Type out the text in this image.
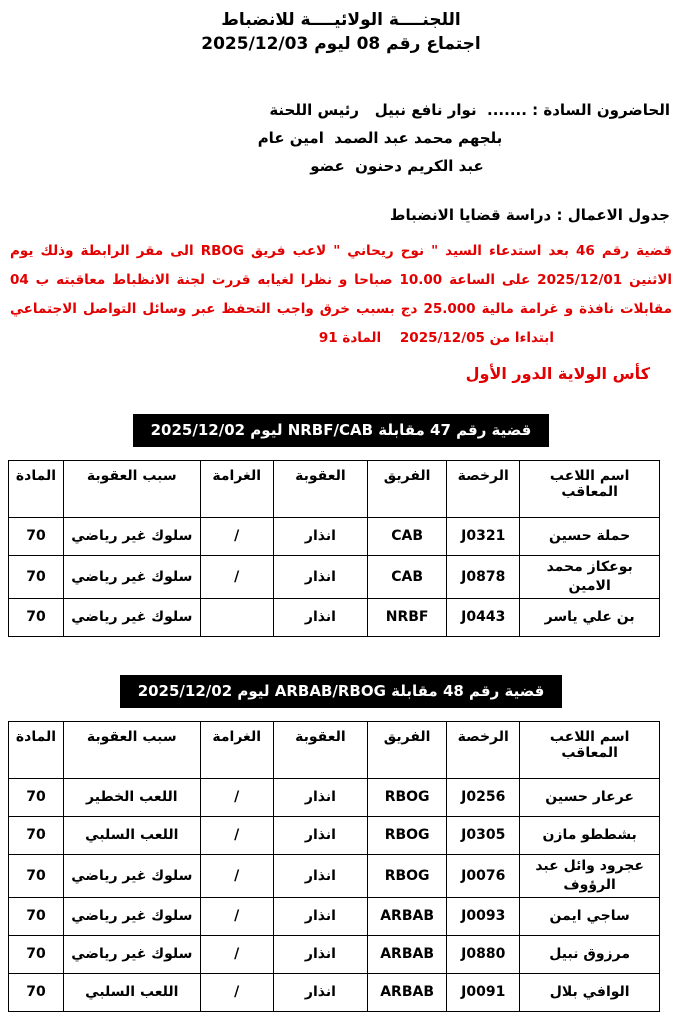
اللجنــــة الولائيــــة للانضباط
اجتماع رقم 08 ليوم 2025/12/03
الحاضرون السادة : .......  نوار نافع نبيل   رئيس اللحنة
بلجهم محمد عبد الصمد  امين عام
عبد الكريم دحنون  عضو
جدول الاعمال : دراسة قضايا الانضباط
قضية رقم 46 بعد استدعاء السيد " نوح ريحاني " لاعب فريق RBOG الى مقر الرابطة وذلك يوم
الاثنين 2025/12/01 على الساعة 10.00 صباحا و نظرا لغيابه قررت لجنة الانظباط معاقبته ب 04
مقابلات نافذة و غرامة مالية 25.000 دج بسبب خرق واجب التحفظ عبر وسائل التواصل الاجتماعي
ابتداءا من 2025/12/05    المادة 91
كأس الولاية الدور الأول
قضية رقم 47 مقابلة NRBF/CAB ليوم 2025/12/02
اسم اللاعب المعاقب	الرخصة	الفريق	العقوبة	الغرامة	سبب العقوبة	المادة
حملة حسين	J0321	CAB	انذار	/	سلوك غير رياضي	70
بوعكاز محمد الامين	J0878	CAB	انذار	/	سلوك غير رياضي	70
بن علي ياسر	J0443	NRBF	انذار		سلوك غير رياضي	70
قضية رقم 48 مقابلة ARBAB/RBOG ليوم 2025/12/02
اسم اللاعب المعاقب	الرخصة	الفريق	العقوبة	الغرامة	سبب العقوبة	المادة
عرعار حسين	J0256	RBOG	انذار	/	اللعب الخطير	70
بشططو مازن	J0305	RBOG	انذار	/	اللعب السلبي	70
عجرود وائل عبد الرؤوف	J0076	RBOG	انذار	/	سلوك غير رياضي	70
ساجي ايمن	J0093	ARBAB	انذار	/	سلوك غير رياضي	70
مرزوق نبيل	J0880	ARBAB	انذار	/	سلوك غير رياضي	70
الوافي بلال	J0091	ARBAB	انذار	/	اللعب السلبي	70
